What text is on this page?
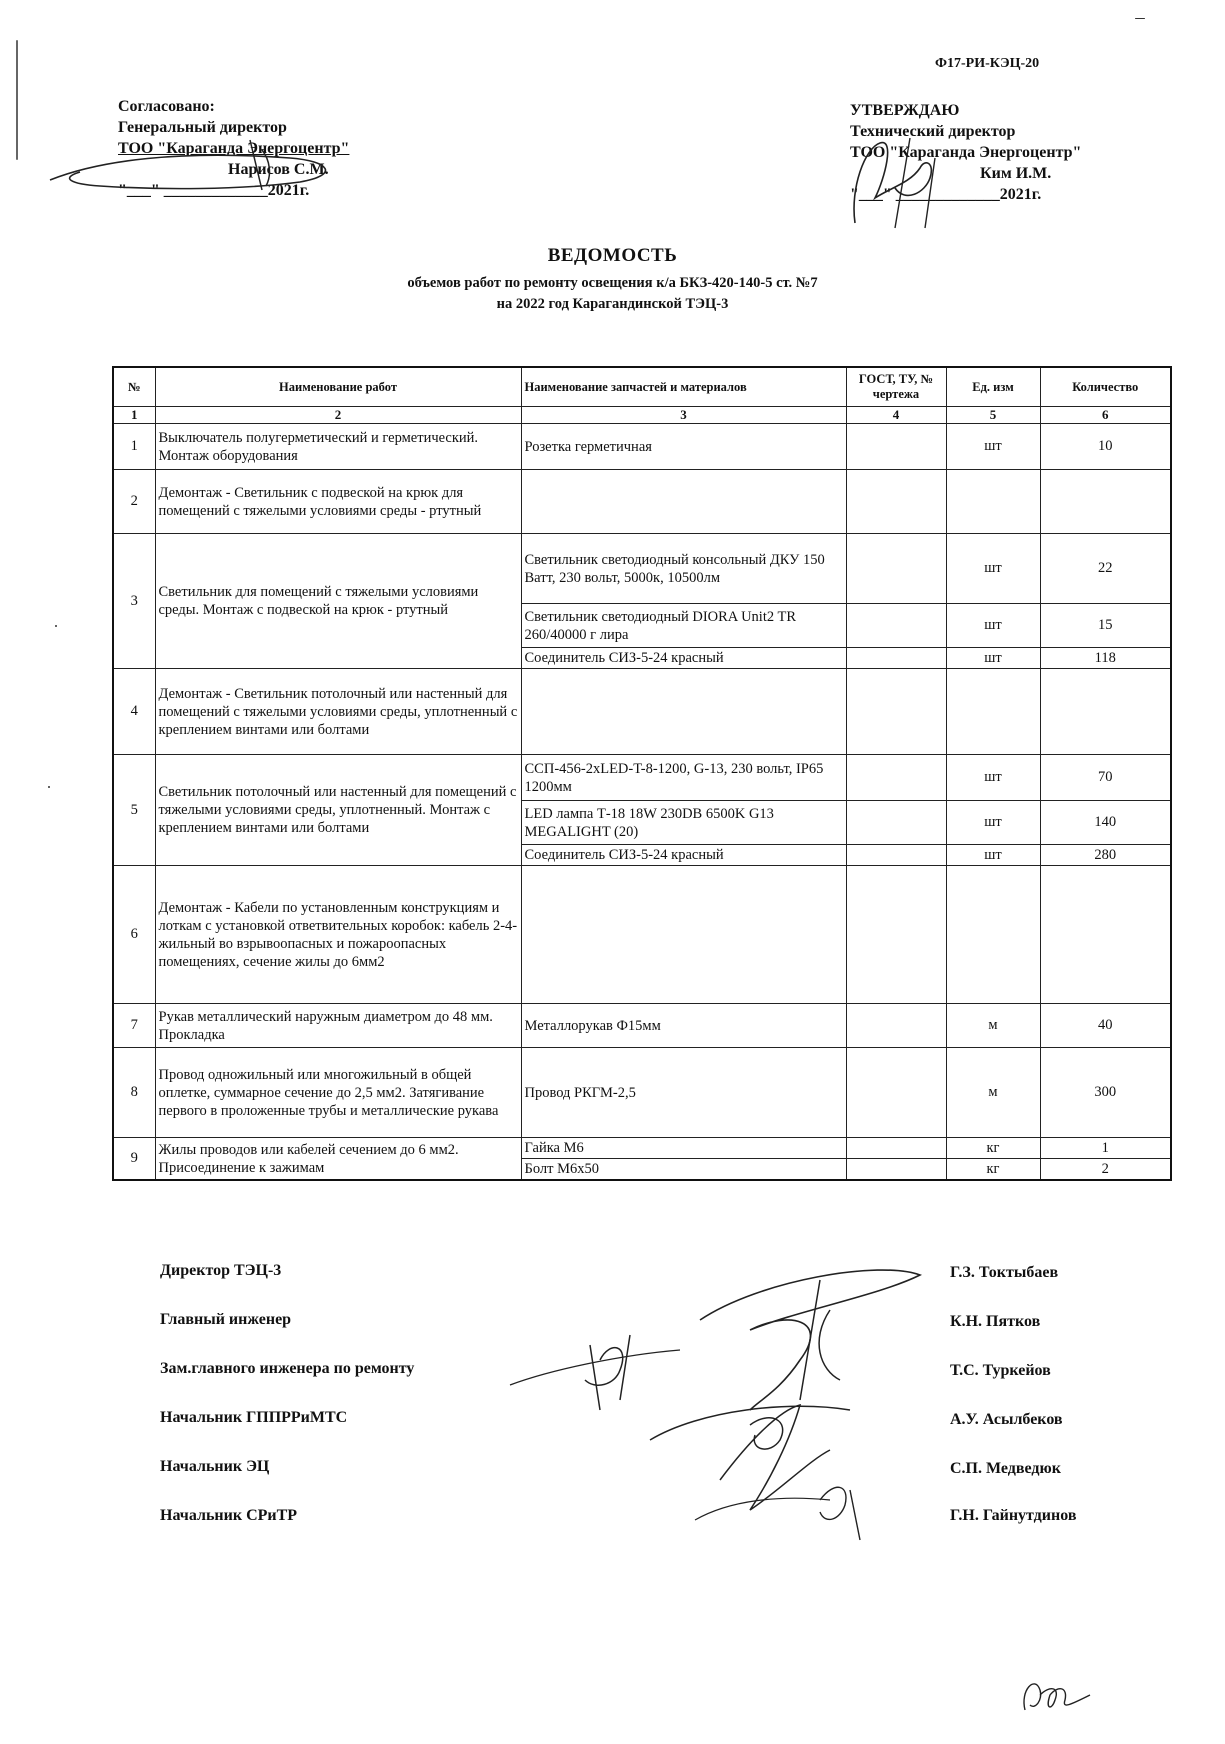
Ф17-РИ-КЭЦ-20
Согласовано:
Генеральный директор
ТОО "Караганда Энергоцентр"
Нарисов С.М.
"___" _____________2021г.
УТВЕРЖДАЮ
Технический директор
ТОО "Караганда Энергоцентр"
Ким И.М.
"___" _____________2021г.
ВЕДОМОСТЬ
объемов работ по ремонту освещения к/а БКЗ-420-140-5 ст. №7
на 2022 год Карагандинской ТЭЦ-3
№	Наименование работ	Наименование запчастей и материалов	ГОСТ, ТУ, № чертежа	Ед. изм	Количество
1	2	3	4	5	6
1	Выключатель полугерметический и герметический. Монтаж оборудования	Розетка герметичная		шт	10
2	Демонтаж - Светильник с подвеской на крюк для помещений с тяжелыми условиями среды - ртутный				
3	Светильник для помещений с тяжелыми условиями среды. Монтаж с подвеской на крюк - ртутный	Светильник светодиодный консольный ДКУ 150 Ватт, 230 вольт, 5000к, 10500лм		шт	22
		Светильник светодиодный DIORA Unit2 TR 260/40000 г лира		шт	15
		Соединитель СИЗ-5-24 красный		шт	118
4	Демонтаж - Светильник потолочный или настенный для помещений с тяжелыми условиями среды, уплотненный с креплением винтами или болтами				
5	Светильник потолочный или настенный для помещений с тяжелыми условиями среды, уплотненный. Монтаж с креплением винтами или болтами	ССП-456-2хLED-T-8-1200, G-13, 230 вольт, IP65 1200мм		шт	70
		LED лампа Т-18 18W 230DB 6500K G13 MEGALIGHT (20)		шт	140
		Соединитель СИЗ-5-24 красный		шт	280
6	Демонтаж - Кабели по установленным конструкциям и лоткам с установкой ответвительных коробок: кабель 2-4-жильный во взрывоопасных и пожароопасных помещениях, сечение жилы до 6мм2				
7	Рукав металлический наружным диаметром до 48 мм. Прокладка	Металлорукав Ф15мм		м	40
8	Провод одножильный или многожильный в общей оплетке, суммарное сечение до 2,5 мм2. Затягивание первого в проложенные трубы и металлические рукава	Провод РКГМ-2,5		м	300
9	Жилы проводов или кабелей сечением до 6 мм2. Присоединение к зажимам	Гайка М6		кг	1
		Болт М6х50		кг	2
Директор ТЭЦ-3
Главный инженер
Зам.главного инженера по ремонту
Начальник ГППРРиМТС
Начальник ЭЦ
Начальник СРиТР
Г.З. Токтыбаев
К.Н. Пятков
Т.С. Туркейов
А.У. Асылбеков
С.П. Медведюк
Г.Н. Гайнутдинов
